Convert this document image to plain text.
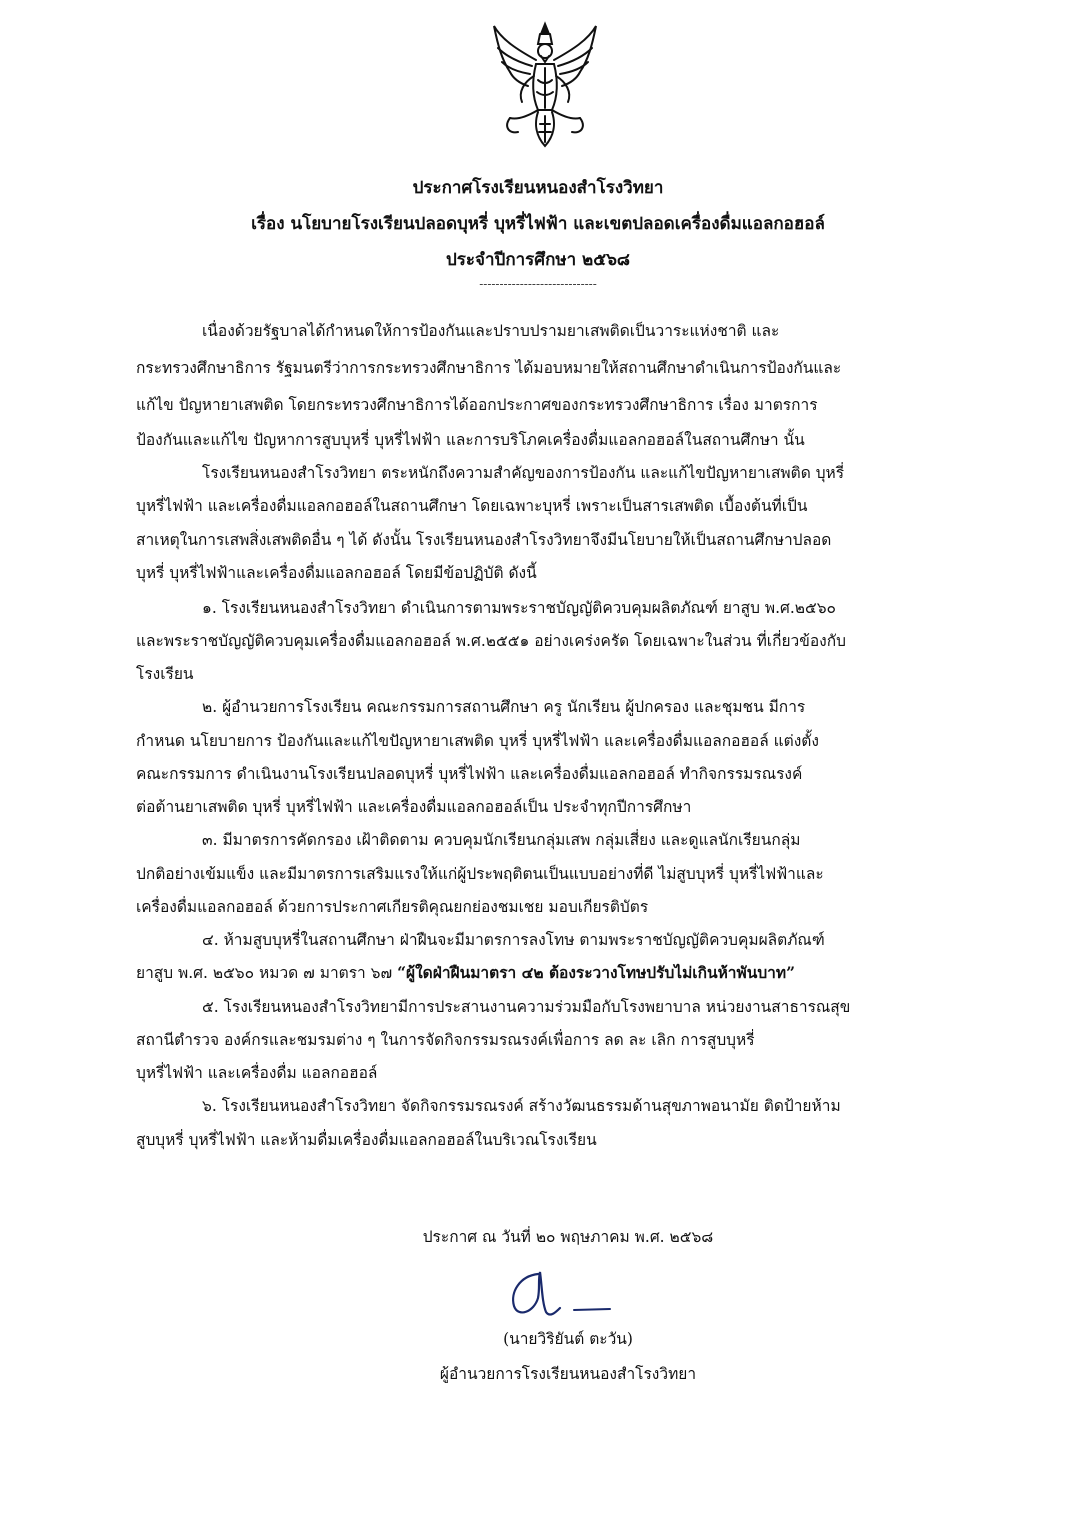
ประกาศโรงเรียนหนองสำโรงวิทยา
เรื่อง นโยบายโรงเรียนปลอดบุหรี่ บุหรี่ไฟฟ้า และเขตปลอดเครื่องดื่มแอลกอฮอล์
ประจำปีการศึกษา ๒๕๖๘
-----------------------------
เนื่องด้วยรัฐบาลได้กำหนดให้การป้องกันและปราบปรามยาเสพติดเป็นวาระแห่งชาติ และ
กระทรวงศึกษาธิการ รัฐมนตรีว่าการกระทรวงศึกษาธิการ ได้มอบหมายให้สถานศึกษาดำเนินการป้องกันและ
แก้ไข ปัญหายาเสพติด โดยกระทรวงศึกษาธิการได้ออกประกาศของกระทรวงศึกษาธิการ เรื่อง มาตรการ
ป้องกันและแก้ไข ปัญหาการสูบบุหรี่ บุหรี่ไฟฟ้า และการบริโภคเครื่องดื่มแอลกอฮอล์ในสถานศึกษา นั้น
โรงเรียนหนองสำโรงวิทยา ตระหนักถึงความสำคัญของการป้องกัน และแก้ไขปัญหายาเสพติด บุหรี่
บุหรี่ไฟฟ้า และเครื่องดื่มแอลกอฮอล์ในสถานศึกษา โดยเฉพาะบุหรี่ เพราะเป็นสารเสพติด เบื้องต้นที่เป็น
สาเหตุในการเสพสิ่งเสพติดอื่น ๆ ได้ ดังนั้น โรงเรียนหนองสำโรงวิทยาจึงมีนโยบายให้เป็นสถานศึกษาปลอด
บุหรี่ บุหรี่ไฟฟ้าและเครื่องดื่มแอลกอฮอล์ โดยมีข้อปฏิบัติ ดังนี้
๑. โรงเรียนหนองสำโรงวิทยา ดำเนินการตามพระราชบัญญัติควบคุมผลิตภัณฑ์ ยาสูบ พ.ศ.๒๕๖๐
และพระราชบัญญัติควบคุมเครื่องดื่มแอลกอฮอล์ พ.ศ.๒๕๕๑ อย่างเคร่งครัด โดยเฉพาะในส่วน ที่เกี่ยวข้องกับ
โรงเรียน
๒. ผู้อำนวยการโรงเรียน คณะกรรมการสถานศึกษา ครู นักเรียน ผู้ปกครอง และชุมชน มีการ
กำหนด นโยบายการ ป้องกันและแก้ไขปัญหายาเสพติด บุหรี่ บุหรี่ไฟฟ้า และเครื่องดื่มแอลกอฮอล์ แต่งตั้ง
คณะกรรมการ ดำเนินงานโรงเรียนปลอดบุหรี่ บุหรี่ไฟฟ้า และเครื่องดื่มแอลกอฮอล์ ทำกิจกรรมรณรงค์
ต่อต้านยาเสพติด บุหรี่ บุหรี่ไฟฟ้า และเครื่องดื่มแอลกอฮอล์เป็น ประจำทุกปีการศึกษา
๓. มีมาตรการคัดกรอง เฝ้าติดตาม ควบคุมนักเรียนกลุ่มเสพ กลุ่มเสี่ยง และดูแลนักเรียนกลุ่ม
ปกติอย่างเข้มแข็ง และมีมาตรการเสริมแรงให้แก่ผู้ประพฤติตนเป็นแบบอย่างที่ดี ไม่สูบบุหรี่ บุหรี่ไฟฟ้าและ
เครื่องดื่มแอลกอฮอล์ ด้วยการประกาศเกียรติคุณยกย่องชมเชย มอบเกียรติบัตร
๔. ห้ามสูบบุหรี่ในสถานศึกษา ฝ่าฝืนจะมีมาตรการลงโทษ ตามพระราชบัญญัติควบคุมผลิตภัณฑ์
ยาสูบ พ.ศ. ๒๕๖๐ หมวด ๗ มาตรา ๖๗ “ผู้ใดฝ่าฝืนมาตรา ๔๒ ต้องระวางโทษปรับไม่เกินห้าพันบาท”
๕. โรงเรียนหนองสำโรงวิทยามีการประสานงานความร่วมมือกับโรงพยาบาล หน่วยงานสาธารณสุข
สถานีตำรวจ องค์กรและชมรมต่าง ๆ ในการจัดกิจกรรมรณรงค์เพื่อการ ลด ละ เลิก การสูบบุหรี่
บุหรี่ไฟฟ้า และเครื่องดื่ม แอลกอฮอล์
๖. โรงเรียนหนองสำโรงวิทยา จัดกิจกรรมรณรงค์ สร้างวัฒนธรรมด้านสุขภาพอนามัย ติดป้ายห้าม
สูบบุหรี่ บุหรี่ไฟฟ้า และห้ามดื่มเครื่องดื่มแอลกอฮอล์ในบริเวณโรงเรียน
ประกาศ ณ วันที่ ๒๐ พฤษภาคม พ.ศ. ๒๕๖๘
(นายวิริยันต์ ตะวัน)
ผู้อำนวยการโรงเรียนหนองสำโรงวิทยา
